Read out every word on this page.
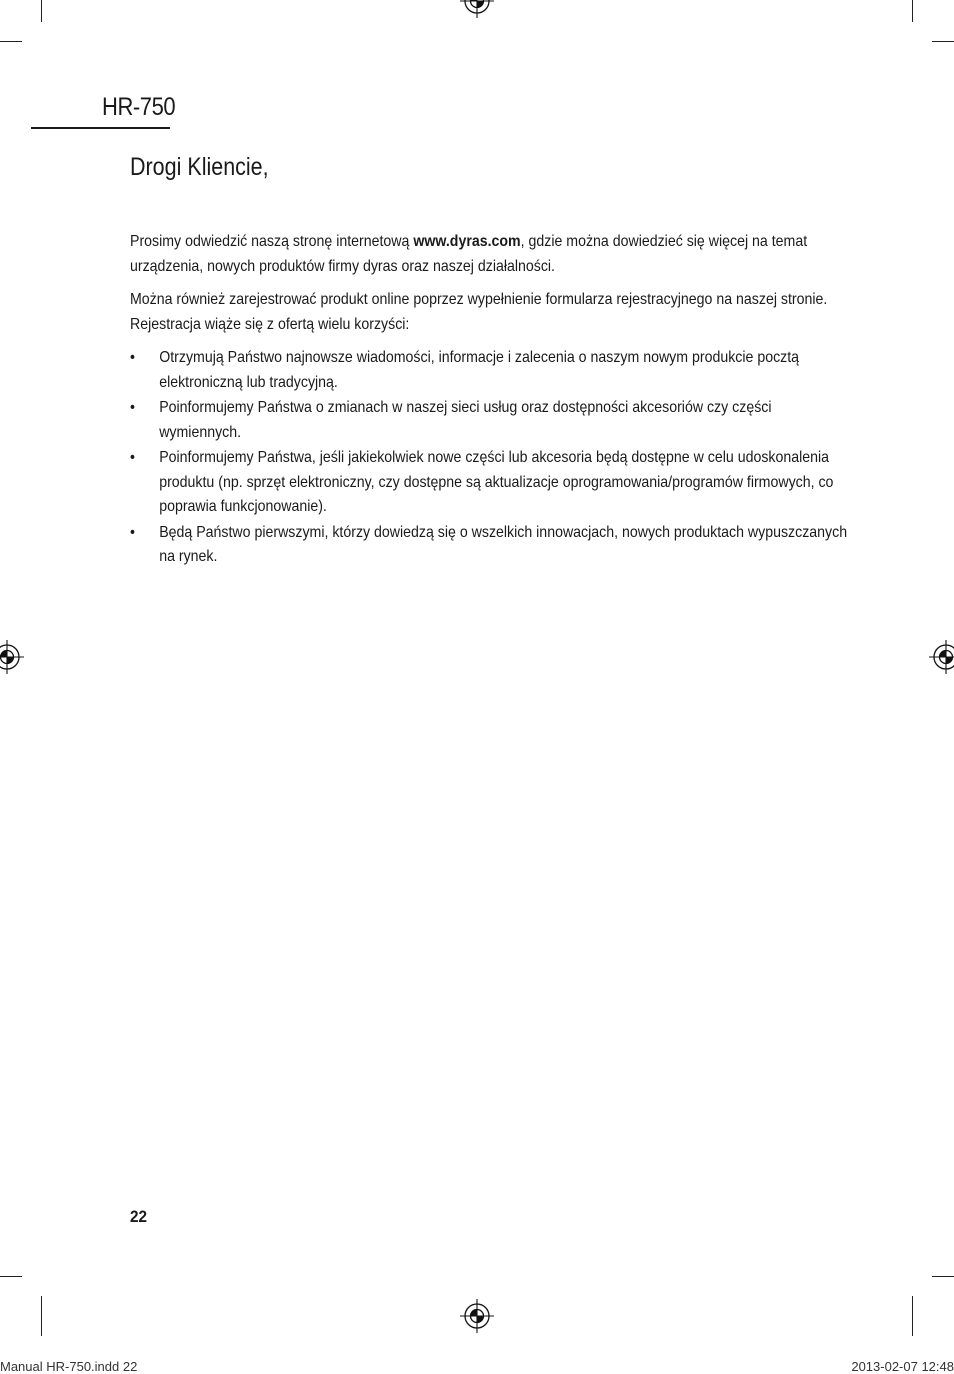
HR-750
Drogi Kliencie,

Prosimy odwiedzić naszą stronę internetową www.dyras.com, gdzie można dowiedzieć się więcej na temat urządzenia, nowych produktów firmy dyras oraz naszej działalności.

Można również zarejestrować produkt online poprzez wypełnienie formularza rejestracyjnego na naszej stronie. Rejestracja wiąże się z ofertą wielu korzyści:

• Otrzymują Państwo najnowsze wiadomości, informacje i zalecenia o naszym nowym produkcie pocztą elektroniczną lub tradycyjną.
• Poinformujemy Państwa o zmianach w naszej sieci usług oraz dostępności akcesoriów czy części wymiennych.
• Poinformujemy Państwa, jeśli jakiekolwiek nowe części lub akcesoria będą dostępne w celu udoskonalenia produktu (np. sprzęt elektroniczny, czy dostępne są aktualizacje oprogramowania/programów firmowych, co poprawia funkcjonowanie).
• Będą Państwo pierwszymi, którzy dowiedzą się o wszelkich innowacjach, nowych produktach wypuszczanych na rynek.
22
Manual HR-750.indd 22	2013-02-07 12:48
